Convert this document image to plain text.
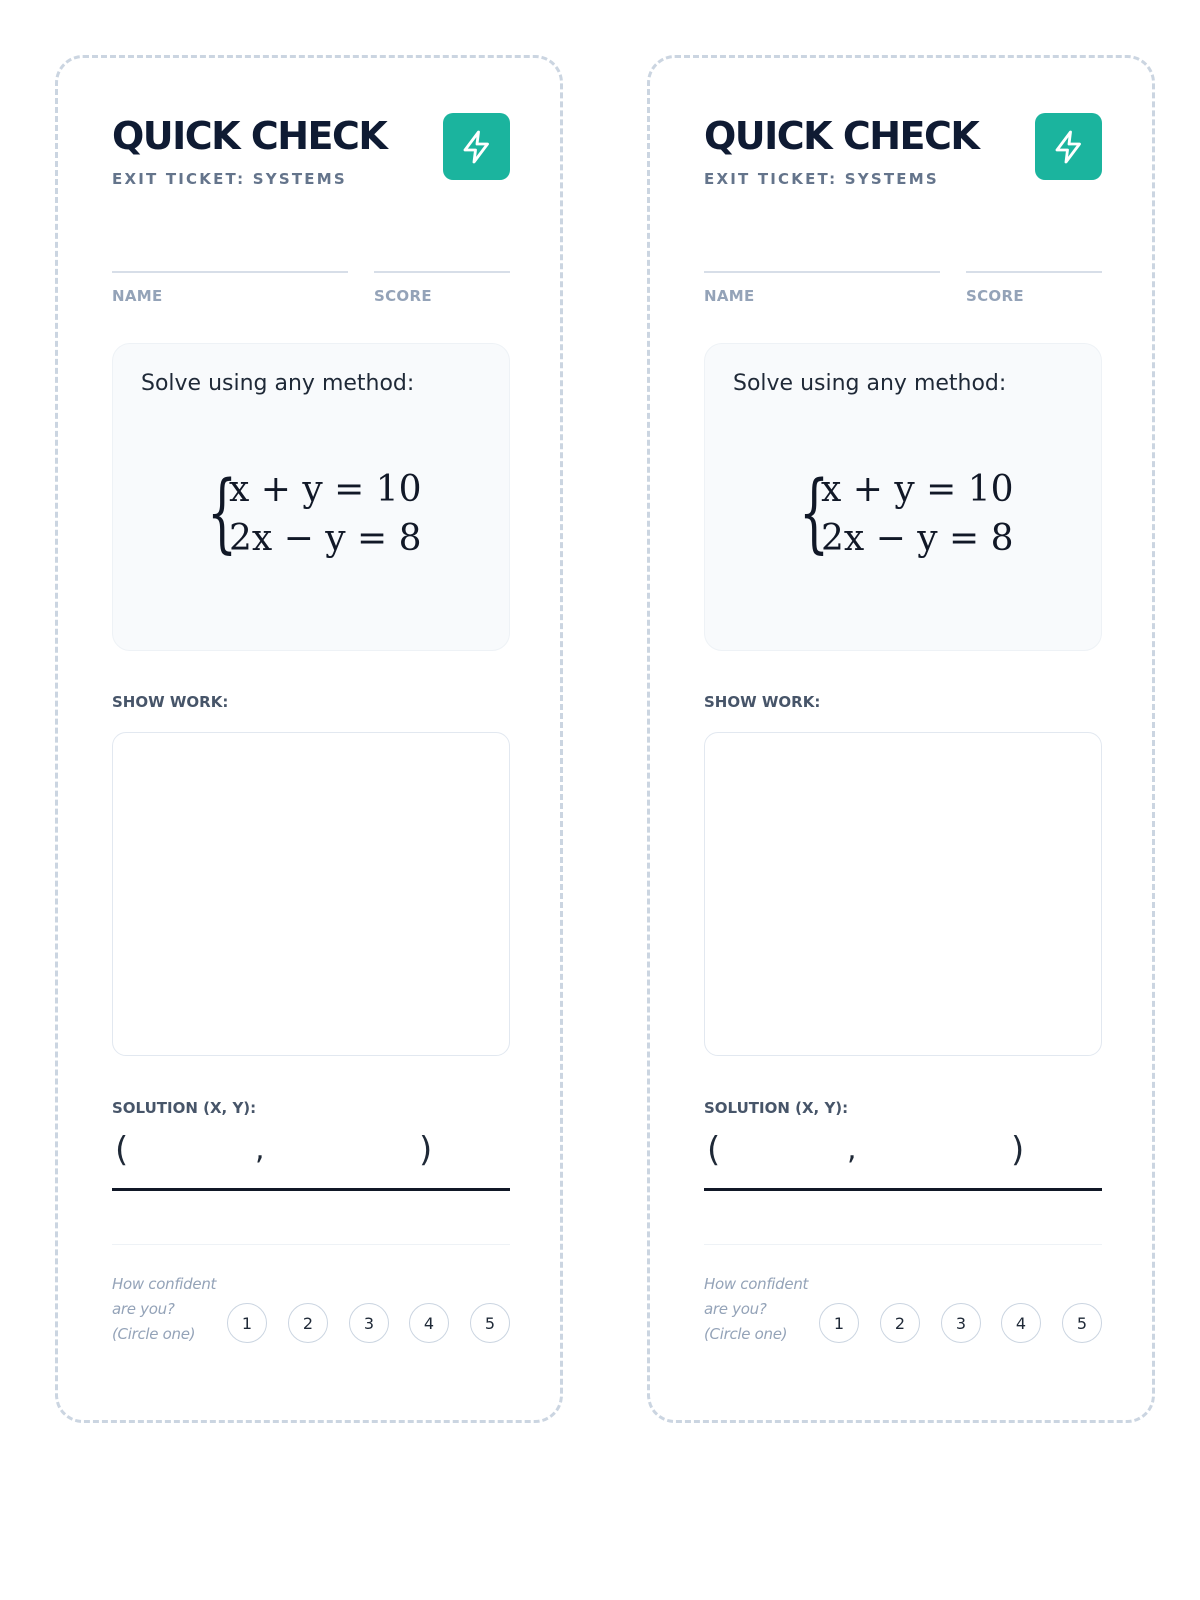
QUICK CHECK
EXIT TICKET: SYSTEMS
NAME	SCORE
Solve using any method:
{
x + y = 10
2x − y = 8
SHOW WORK:
SOLUTION (X, Y):
(	,	)
How confident are you? (Circle one)
1	2	3	4	5
QUICK CHECK
EXIT TICKET: SYSTEMS
NAME	SCORE
Solve using any method:
{
x + y = 10
2x − y = 8
SHOW WORK:
SOLUTION (X, Y):
(	,	)
How confident are you? (Circle one)
1	2	3	4	5
